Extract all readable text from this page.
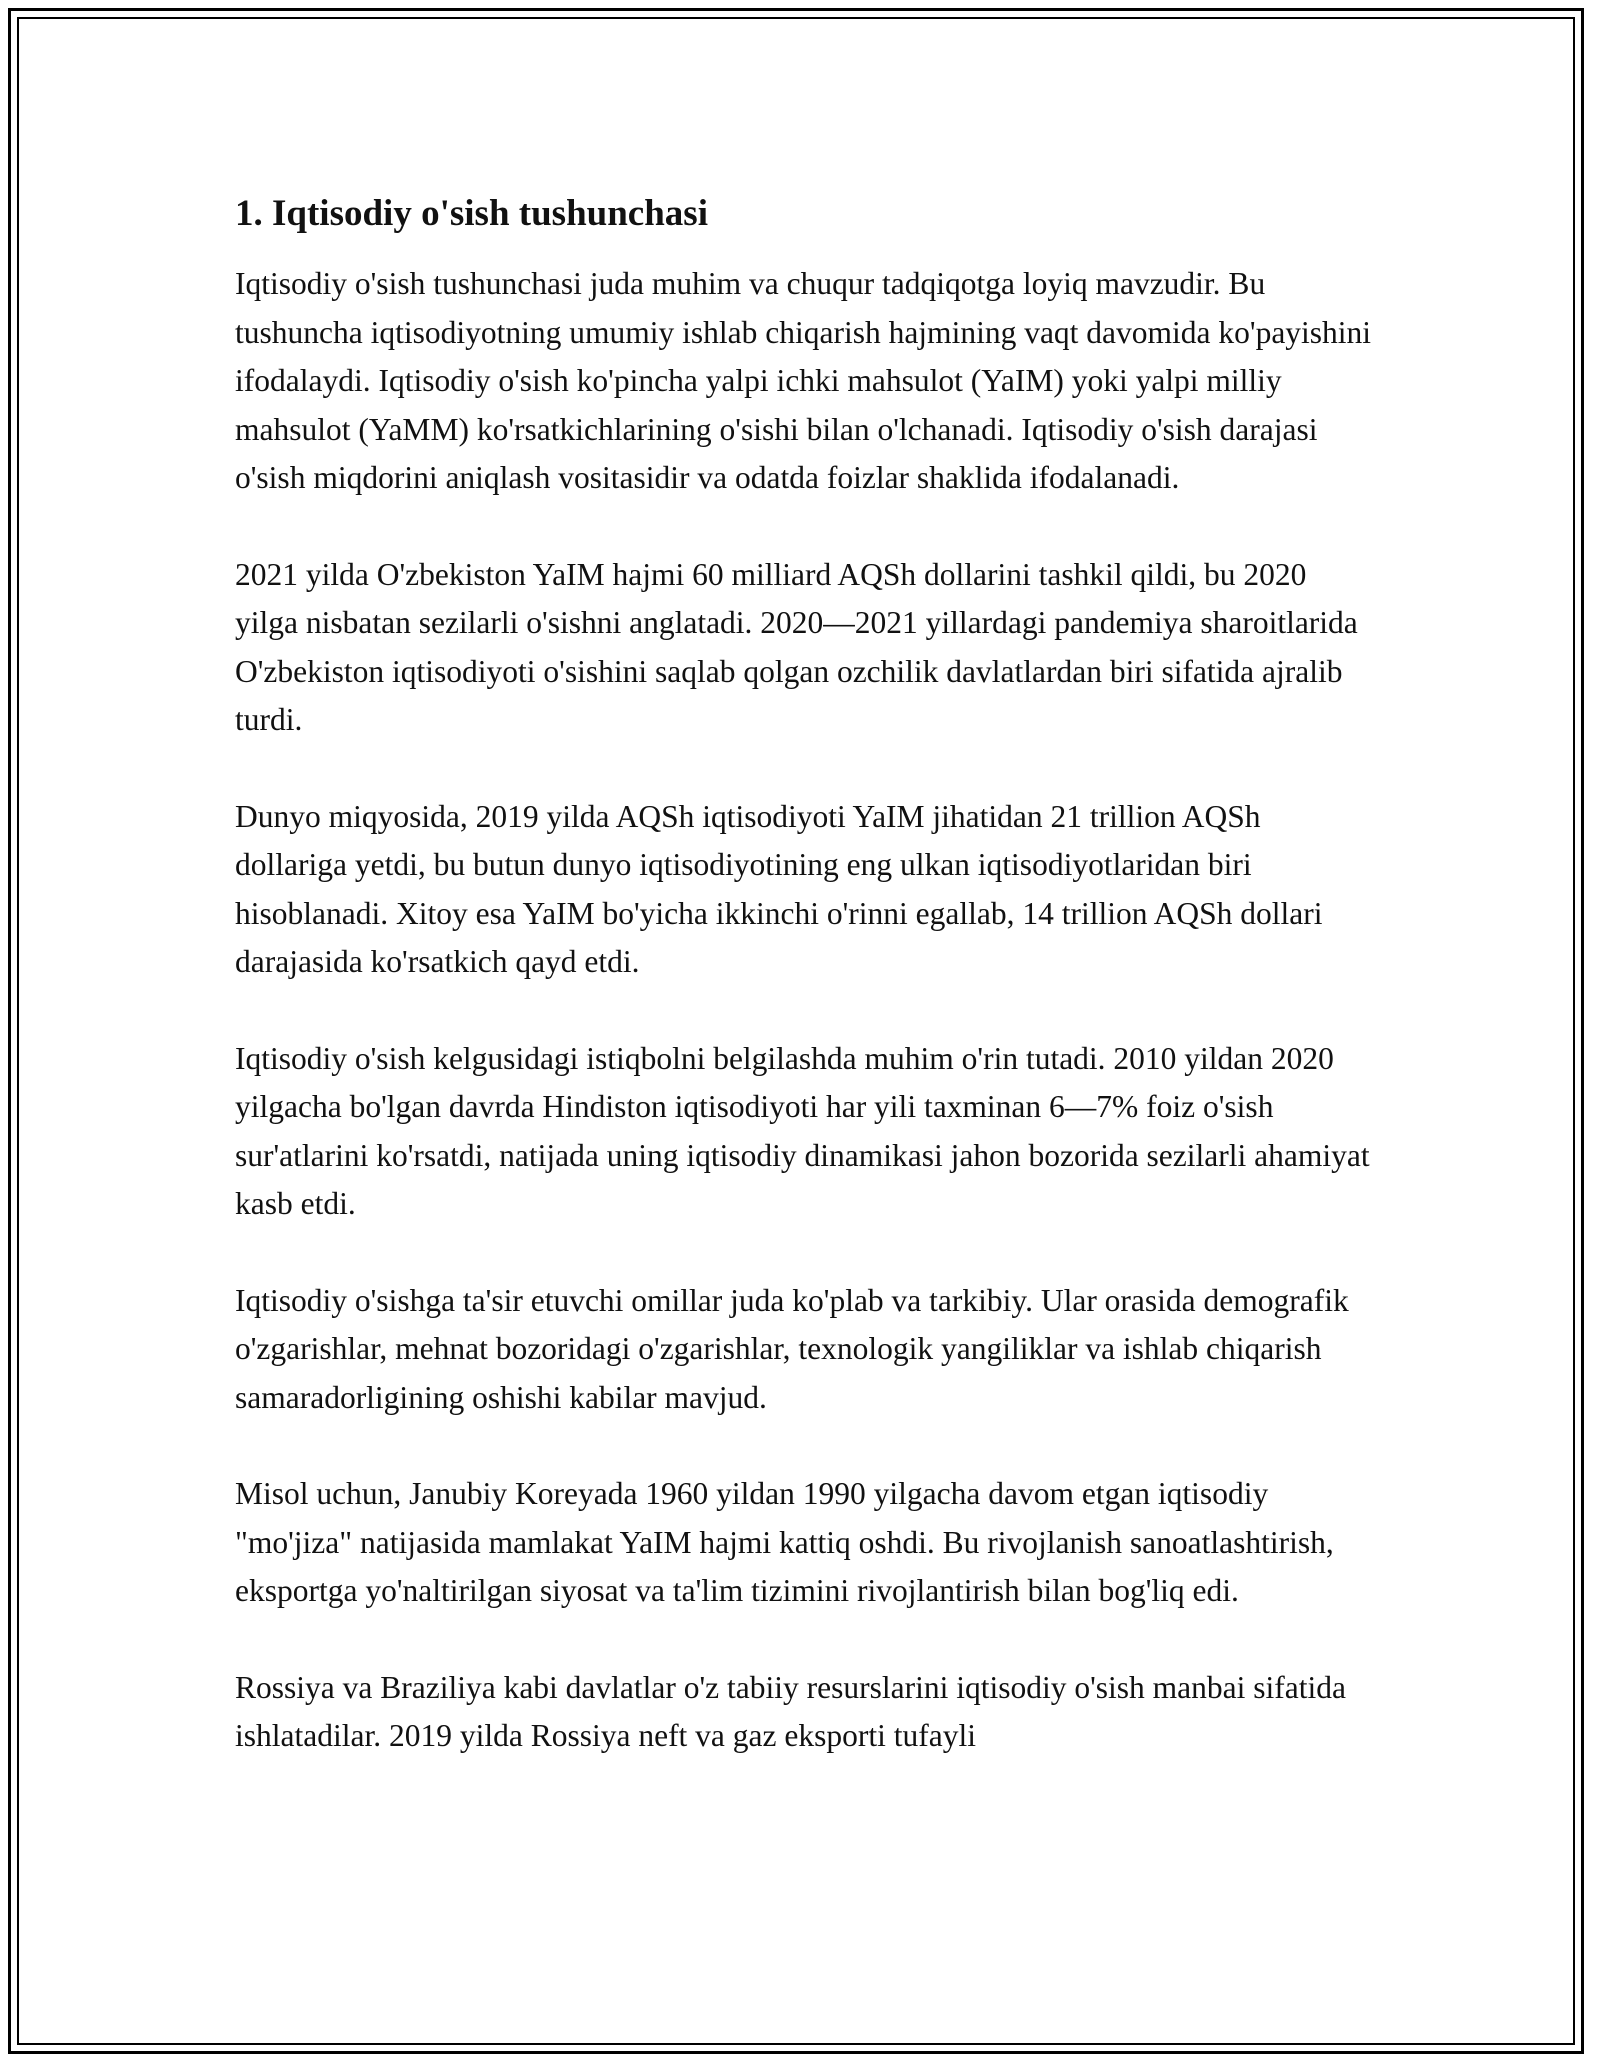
1. Iqtisodiy o'sish tushunchasi

Iqtisodiy o'sish tushunchasi juda muhim va chuqur tadqiqotga loyiq mavzudir. Bu tushuncha iqtisodiyotning umumiy ishlab chiqarish hajmining vaqt davomida ko'payishini ifodalaydi. Iqtisodiy o'sish ko'pincha yalpi ichki mahsulot (YaIM) yoki yalpi milliy mahsulot (YaMM) ko'rsatkichlarining o'sishi bilan o'lchanadi. Iqtisodiy o'sish darajasi o'sish miqdorini aniqlash vositasidir va odatda foizlar shaklida ifodalanadi.

2021 yilda O'zbekiston YaIM hajmi 60 milliard AQSh dollarini tashkil qildi, bu 2020 yilga nisbatan sezilarli o'sishni anglatadi. 2020—2021 yillardagi pandemiya sharoitlarida O'zbekiston iqtisodiyoti o'sishini saqlab qolgan ozchilik davlatlardan biri sifatida ajralib turdi.

Dunyo miqyosida, 2019 yilda AQSh iqtisodiyoti YaIM jihatidan 21 trillion AQSh dollariga yetdi, bu butun dunyo iqtisodiyotining eng ulkan iqtisodiyotlaridan biri hisoblanadi. Xitoy esa YaIM bo'yicha ikkinchi o'rinni egallab, 14 trillion AQSh dollari darajasida ko'rsatkich qayd etdi.

Iqtisodiy o'sish kelgusidagi istiqbolni belgilashda muhim o'rin tutadi. 2010 yildan 2020 yilgacha bo'lgan davrda Hindiston iqtisodiyoti har yili taxminan 6—7% foiz o'sish sur'atlarini ko'rsatdi, natijada uning iqtisodiy dinamikasi jahon bozorida sezilarli ahamiyat kasb etdi.

Iqtisodiy o'sishga ta'sir etuvchi omillar juda ko'plab va tarkibiy. Ular orasida demografik o'zgarishlar, mehnat bozoridagi o'zgarishlar, texnologik yangiliklar va ishlab chiqarish samaradorligining oshishi kabilar mavjud.

Misol uchun, Janubiy Koreyada 1960 yildan 1990 yilgacha davom etgan iqtisodiy "mo'jiza" natijasida mamlakat YaIM hajmi kattiq oshdi. Bu rivojlanish sanoatlashtirish, eksportga yo'naltirilgan siyosat va ta'lim tizimini rivojlantirish bilan bog'liq edi.

Rossiya va Braziliya kabi davlatlar o'z tabiiy resurslarini iqtisodiy o'sish manbai sifatida ishlatadilar. 2019 yilda Rossiya neft va gaz eksporti tufayli
